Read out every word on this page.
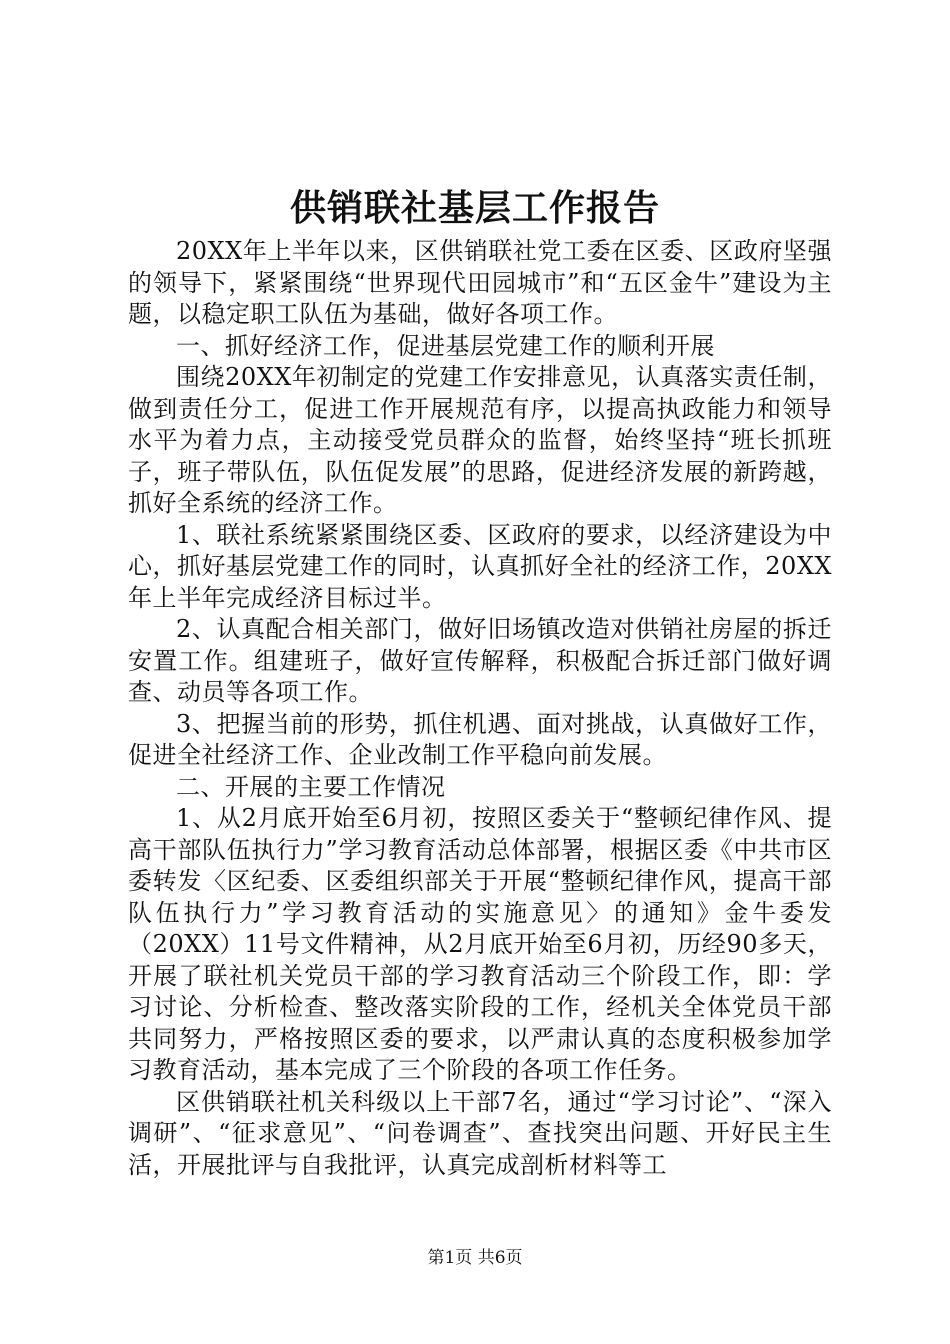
供销联社基层工作报告

20XX年上半年以来，区供销联社党工委在区委、区政府坚强的领导下，紧紧围绕“世界现代田园城市”和“五区金牛”建设为主题，以稳定职工队伍为基础，做好各项工作。

一、抓好经济工作，促进基层党建工作的顺利开展

围绕20XX年初制定的党建工作安排意见，认真落实责任制，做到责任分工，促进工作开展规范有序，以提高执政能力和领导水平为着力点，主动接受党员群众的监督，始终坚持“班长抓班子，班子带队伍，队伍促发展”的思路，促进经济发展的新跨越，抓好全系统的经济工作。

1、联社系统紧紧围绕区委、区政府的要求，以经济建设为中心，抓好基层党建工作的同时，认真抓好全社的经济工作，20XX年上半年完成经济目标过半。

2、认真配合相关部门，做好旧场镇改造对供销社房屋的拆迁安置工作。组建班子，做好宣传解释，积极配合拆迁部门做好调查、动员等各项工作。

3、把握当前的形势，抓住机遇、面对挑战，认真做好工作，促进全社经济工作、企业改制工作平稳向前发展。

二、开展的主要工作情况

1、从2月底开始至6月初，按照区委关于“整顿纪律作风、提高干部队伍执行力”学习教育活动总体部署，根据区委《中共市区委转发〈区纪委、区委组织部关于开展“整顿纪律作风，提高干部队伍执行力”学习教育活动的实施意见〉的通知》金牛委发（20XX）11号文件精神，从2月底开始至6月初，历经90多天，开展了联社机关党员干部的学习教育活动三个阶段工作，即：学习讨论、分析检查、整改落实阶段的工作，经机关全体党员干部共同努力，严格按照区委的要求，以严肃认真的态度积极参加学习教育活动，基本完成了三个阶段的各项工作任务。

区供销联社机关科级以上干部7名，通过“学习讨论”、“深入调研”、“征求意见”、“问卷调查”、查找突出问题、开好民主生活，开展批评与自我批评，认真完成剖析材料等工

第1页 共6页
